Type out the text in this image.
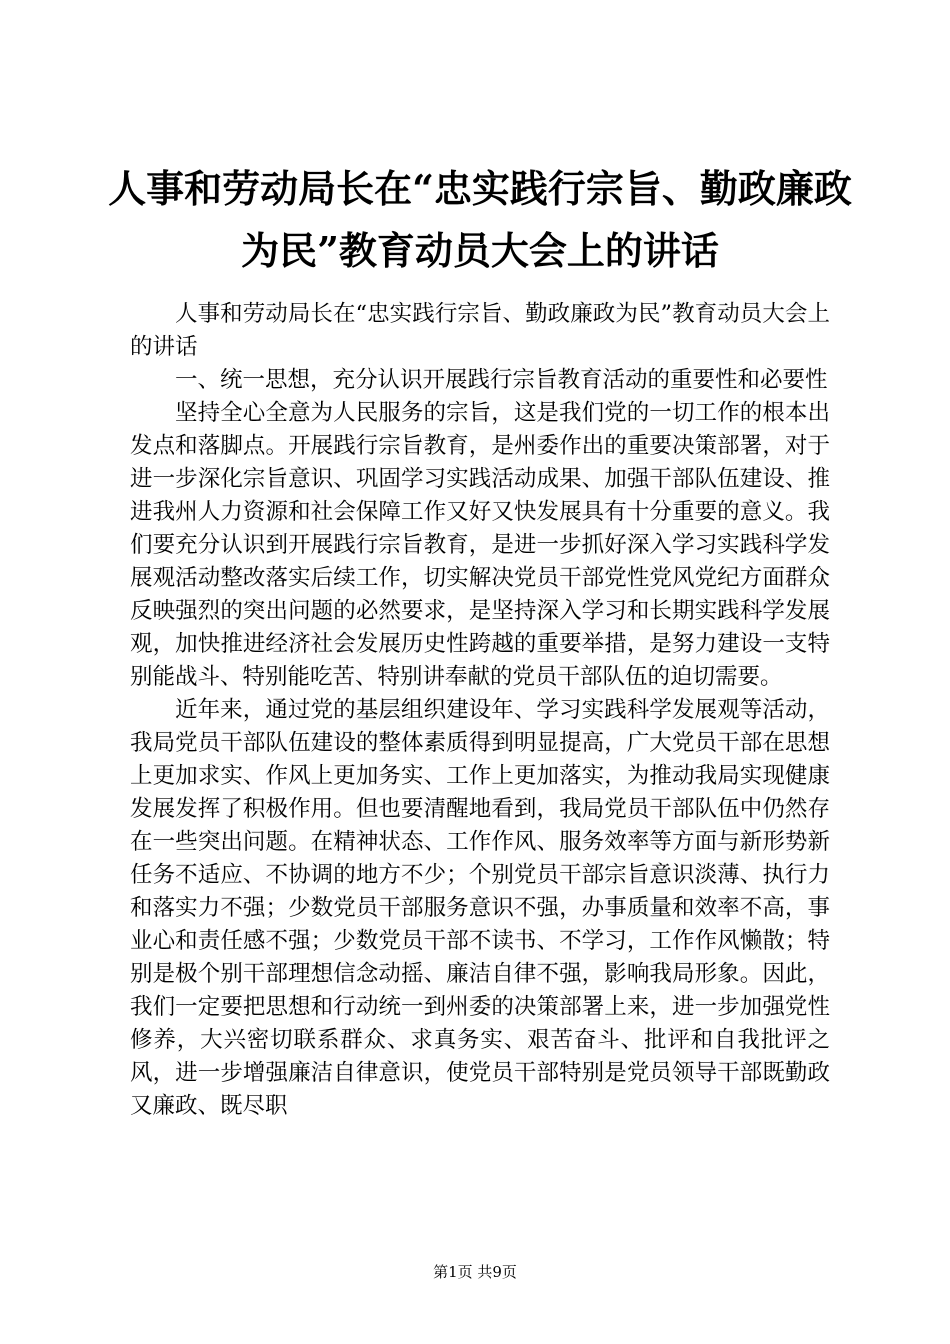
人事和劳动局长在“忠实践行宗旨、勤政廉政
为民”教育动员大会上的讲话

人事和劳动局长在“忠实践行宗旨、勤政廉政为民”教育动员大会上的讲话

一、统一思想，充分认识开展践行宗旨教育活动的重要性和必要性

坚持全心全意为人民服务的宗旨，这是我们党的一切工作的根本出发点和落脚点。开展践行宗旨教育，是州委作出的重要决策部署，对于进一步深化宗旨意识、巩固学习实践活动成果、加强干部队伍建设、推进我州人力资源和社会保障工作又好又快发展具有十分重要的意义。我们要充分认识到开展践行宗旨教育，是进一步抓好深入学习实践科学发展观活动整改落实后续工作，切实解决党员干部党性党风党纪方面群众反映强烈的突出问题的必然要求，是坚持深入学习和长期实践科学发展观，加快推进经济社会发展历史性跨越的重要举措，是努力建设一支特别能战斗、特别能吃苦、特别讲奉献的党员干部队伍的迫切需要。

近年来，通过党的基层组织建设年、学习实践科学发展观等活动，我局党员干部队伍建设的整体素质得到明显提高，广大党员干部在思想上更加求实、作风上更加务实、工作上更加落实，为推动我局实现健康发展发挥了积极作用。但也要清醒地看到，我局党员干部队伍中仍然存在一些突出问题。在精神状态、工作作风、服务效率等方面与新形势新任务不适应、不协调的地方不少；个别党员干部宗旨意识淡薄、执行力和落实力不强；少数党员干部服务意识不强，办事质量和效率不高，事业心和责任感不强；少数党员干部不读书、不学习，工作作风懒散；特别是极个别干部理想信念动摇、廉洁自律不强，影响我局形象。因此，我们一定要把思想和行动统一到州委的决策部署上来，进一步加强党性修养，大兴密切联系群众、求真务实、艰苦奋斗、批评和自我批评之风，进一步增强廉洁自律意识，使党员干部特别是党员领导干部既勤政又廉政、既尽职

第1页 共9页
